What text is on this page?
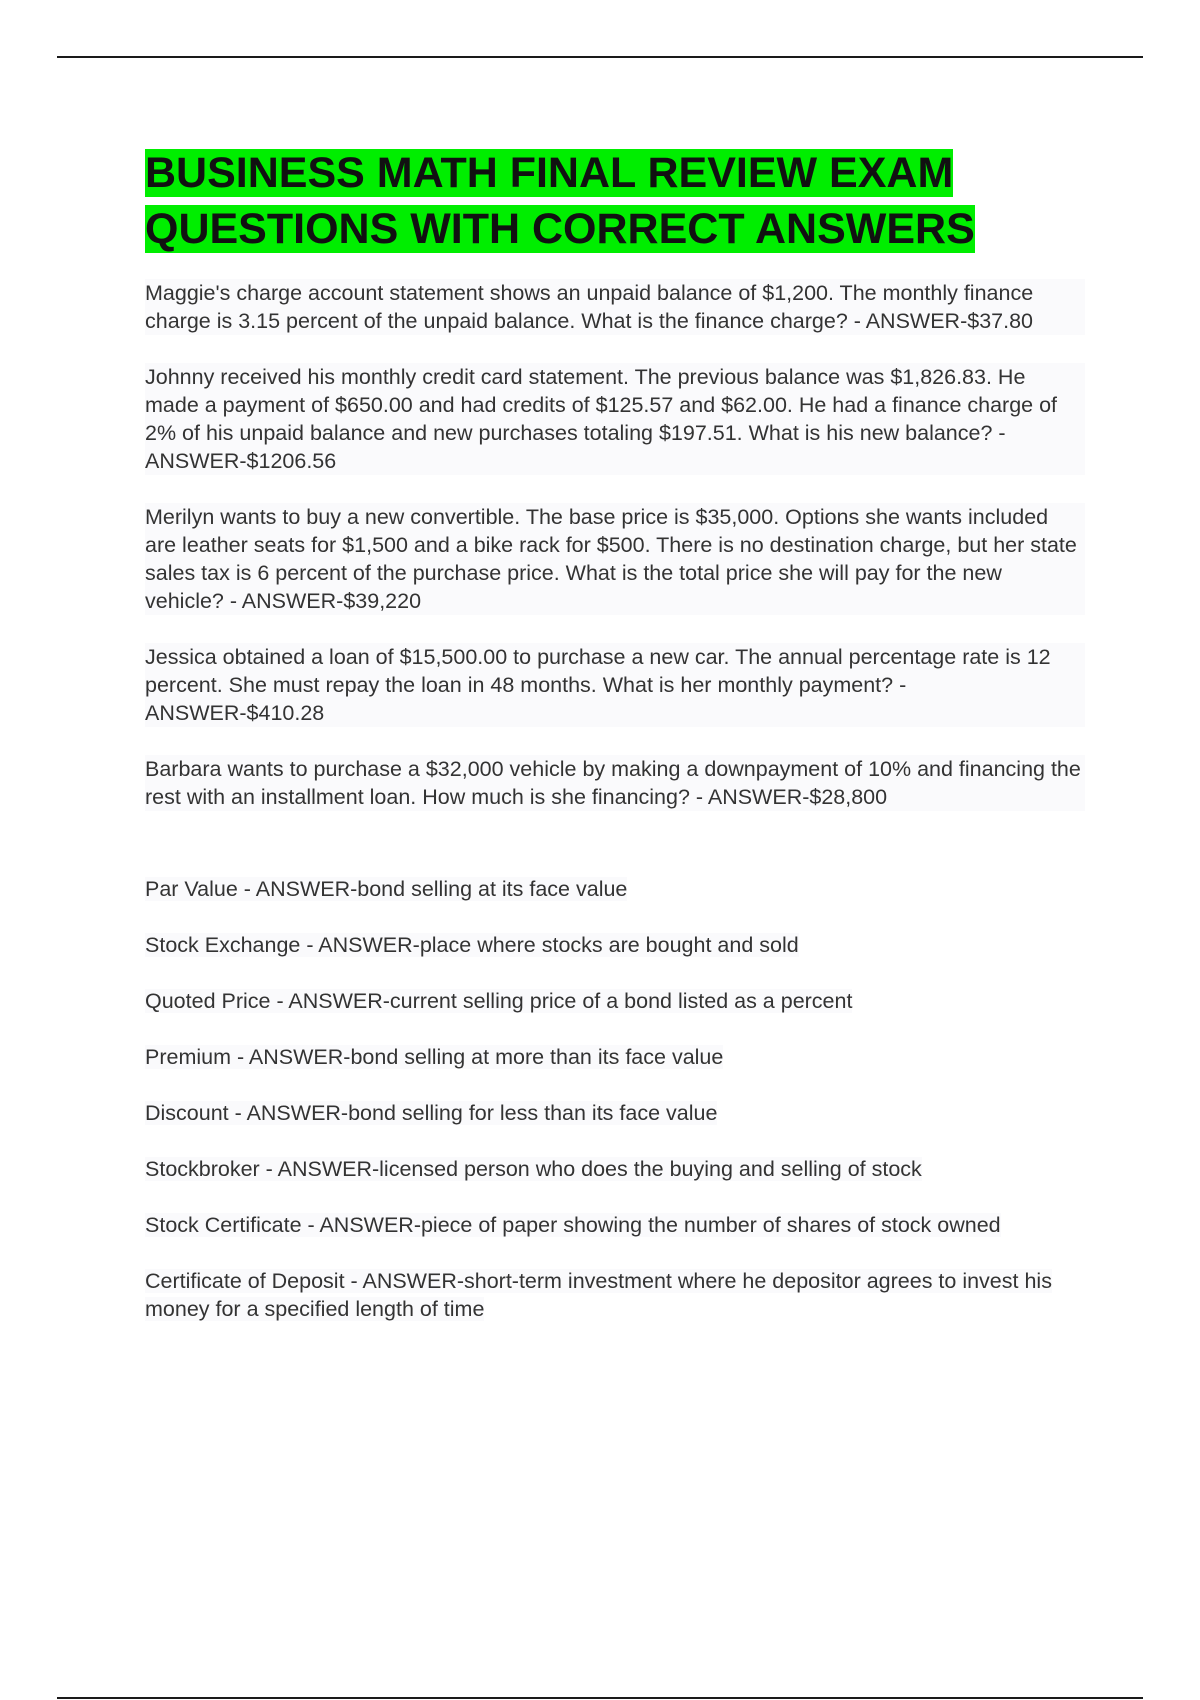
BUSINESS MATH FINAL REVIEW EXAM QUESTIONS WITH CORRECT ANSWERS
Maggie's charge account statement shows an unpaid balance of $1,200. The monthly finance charge is 3.15 percent of the unpaid balance. What is the finance charge? - ANSWER-$37.80
Johnny received his monthly credit card statement. The previous balance was $1,826.83. He made a payment of $650.00 and had credits of $125.57 and $62.00. He had a finance charge of 2% of his unpaid balance and new purchases totaling $197.51. What is his new balance? - ANSWER-$1206.56
Merilyn wants to buy a new convertible. The base price is $35,000. Options she wants included are leather seats for $1,500 and a bike rack for $500. There is no destination charge, but her state sales tax is 6 percent of the purchase price. What is the total price she will pay for the new vehicle? - ANSWER-$39,220
Jessica obtained a loan of $15,500.00 to purchase a new car. The annual percentage rate is 12 percent. She must repay the loan in 48 months. What is her monthly payment? - ANSWER-$410.28
Barbara wants to purchase a $32,000 vehicle by making a downpayment of 10% and financing the rest with an installment loan. How much is she financing? - ANSWER-$28,800
Par Value - ANSWER-bond selling at its face value
Stock Exchange - ANSWER-place where stocks are bought and sold
Quoted Price - ANSWER-current selling price of a bond listed as a percent
Premium - ANSWER-bond selling at more than its face value
Discount - ANSWER-bond selling for less than its face value
Stockbroker - ANSWER-licensed person who does the buying and selling of stock
Stock Certificate - ANSWER-piece of paper showing the number of shares of stock owned
Certificate of Deposit - ANSWER-short-term investment where he depositor agrees to invest his money for a specified length of time
